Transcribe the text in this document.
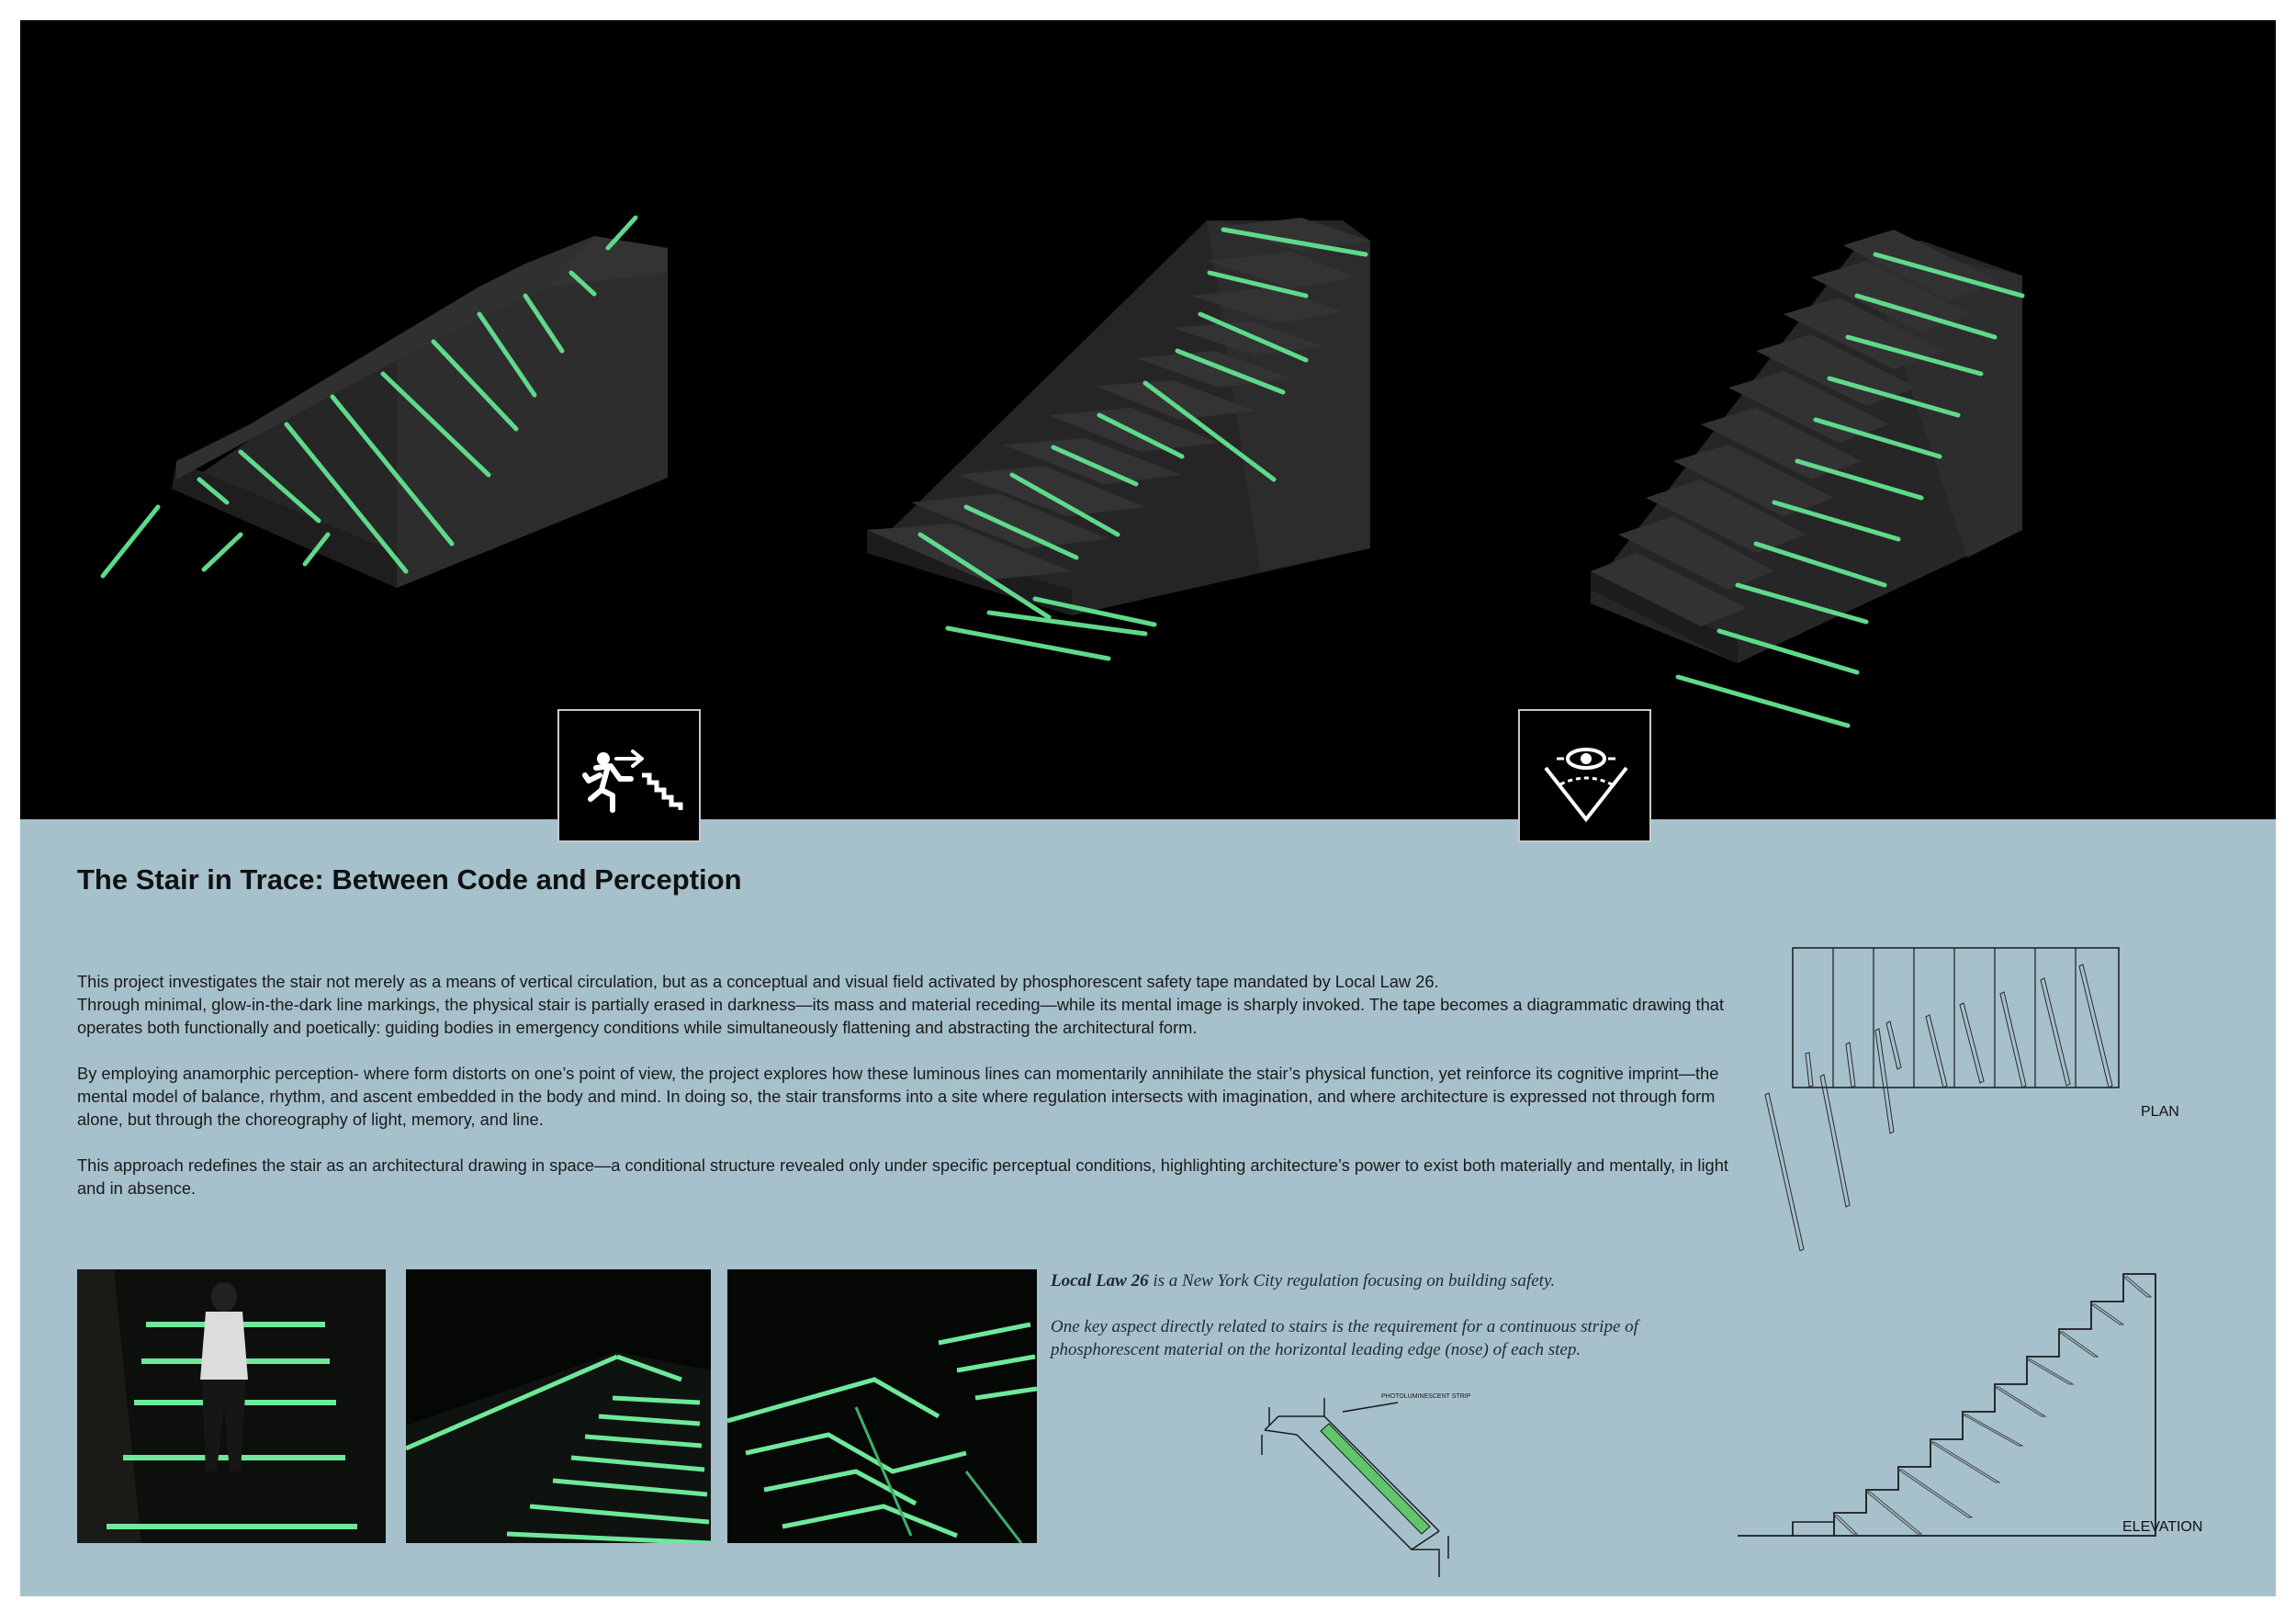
The Stair in Trace: Between Code and Perception

This project investigates the stair not merely as a means of vertical circulation, but as a conceptual and visual field activated by phosphorescent safety tape mandated by Local Law 26.

Through minimal, glow-in-the-dark line markings, the physical stair is partially erased in darkness—its mass and material receding—while its mental image is sharply invoked. The tape becomes a diagrammatic drawing that operates both functionally and poetically: guiding bodies in emergency conditions while simultaneously flattening and abstracting the architectural form.

By employing anamorphic perception- where form distorts on one’s point of view, the project explores how these luminous lines can momentarily annihilate the stair’s physical function, yet reinforce its cognitive imprint—the mental model of balance, rhythm, and ascent embedded in the body and mind. In doing so, the stair transforms into a site where regulation intersects with imagination, and where architecture is expressed not through form alone, but through the choreography of light, memory, and line.

This approach redefines the stair as an architectural drawing in space—a conditional structure revealed only under specific perceptual conditions, highlighting architecture’s power to exist both materially and mentally, in light and in absence.

Local Law 26 is a New York City regulation focusing on building safety.

One key aspect directly related to stairs is the requirement for a continuous stripe of phosphorescent material on the horizontal leading edge (nose) of each step.

PHOTOLUMINESCENT STRIP
PLAN
ELEVATION
